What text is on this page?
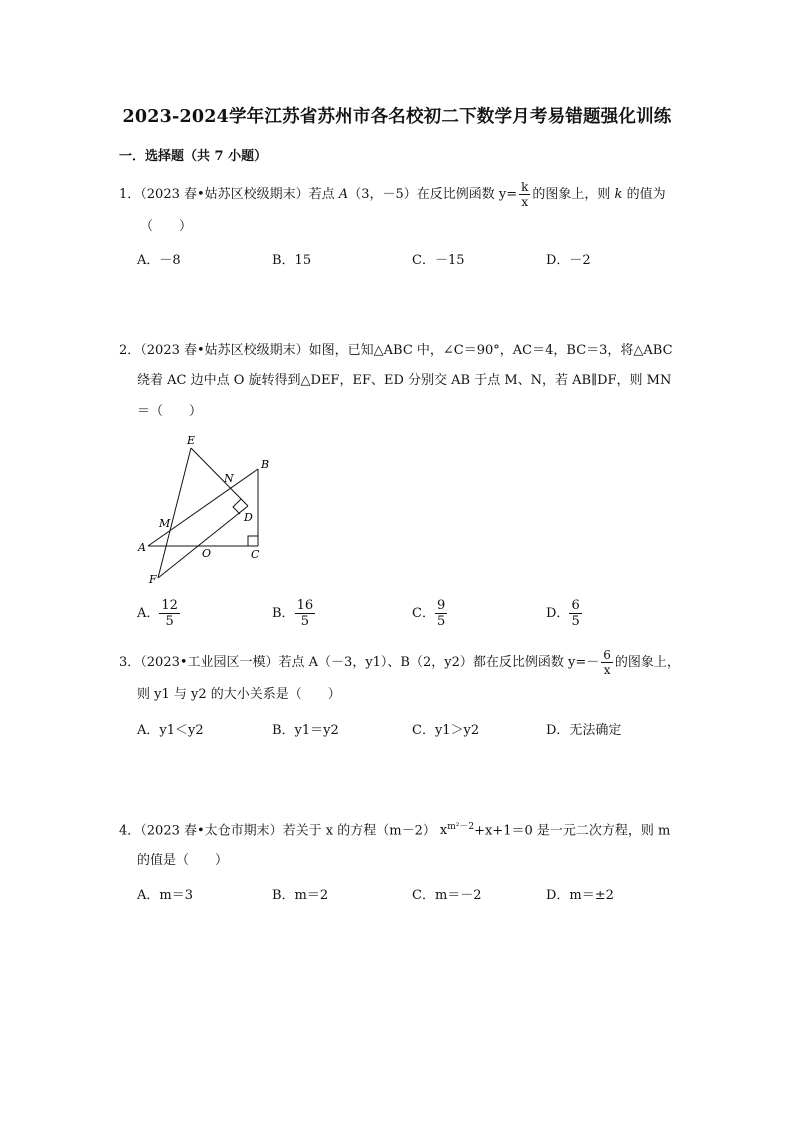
2023-2024学年江苏省苏州市各名校初二下数学月考易错题强化训练
一．选择题（共 7 小题）
1．（2023 春•姑苏区校级期末）若点 A（3，－5）在反比例函数 $y= \frac{k}{x}$ 的图象上，则 k 的值为
（　　）
A．－8	B．15	C．－15	D．－2
2．（2023 春•姑苏区校级期末）如图，已知△ABC 中，∠C＝90°，AC＝4，BC＝3，将△ABC
绕着 AC 边中点 O 旋转得到△DEF，EF、ED 分别交 AB 于点 M、N，若 AB∥DF，则 MN
＝（　　）
E
B
N
D
M
A	O	C
F
A． $\frac{12}{5}$	B． $\frac{16}{5}$	C． $\frac{9}{5}$	D． $\frac{6}{5}$
3．（2023•工业园区一模）若点 A（－3，y1）、B（2，y2）都在反比例函数 $y=- \frac{6}{x}$ 的图象上，
则 y1 与 y2 的大小关系是（　　）
A．y1＜y2	B．y1＝y2	C．y1＞y2	D．无法确定
4．（2023 春•太仓市期末）若关于 x 的方程（m－2） $x^{m^2-2}+x+1=0$ 是一元二次方程，则 m
的值是（　　）
A．m＝3	B．m＝2	C．m＝－2	D．m＝±2
